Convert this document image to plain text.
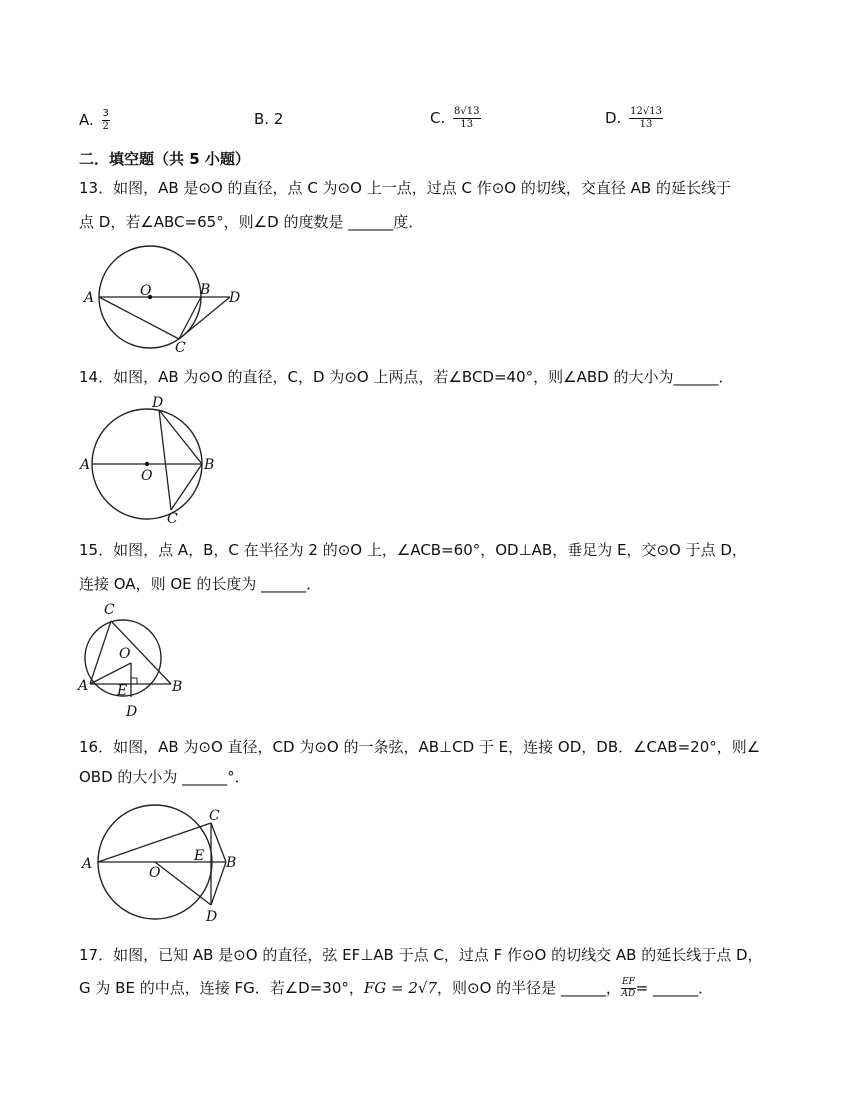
A. $\frac{3}{2}$	B. 2	C. $\frac{8√13}{13}$	D. $\frac{12√13}{13}$
二．填空题（共 5 小题）
13．如图，AB 是⊙O 的直径，点 C 为⊙O 上一点，过点 C 作⊙O 的切线，交直径 AB 的延长线于
点 D，若∠ABC=65°，则∠D 的度数是 ______度．
A	O	B D
C
14．如图，AB 为⊙O 的直径，C，D 为⊙O 上两点，若∠BCD=40°，则∠ABD 的大小为______．
A
O
B
D
C
15．如图，点 A，B，C 在半径为 2 的⊙O 上，∠ACB=60°，OD⊥AB，垂足为 E，交⊙O 于点 D，
连接 OA，则 OE 的长度为 ______．
A
O
B
C
E
D
16．如图，AB 为⊙O 直径，CD 为⊙O 的一条弦，AB⊥CD 于 E，连接 OD，DB．∠CAB=20°，则∠
OBD 的大小为 ______°．
A
O
B
C
E
D
17．如图，已知 AB 是⊙O 的直径，弦 EF⊥AB 于点 C，过点 F 作⊙O 的切线交 AB 的延长线于点 D，
G 为 BE 的中点，连接 FG．若∠D=30°，FG = 2√7，则⊙O 的半径是 ______， $\frac{EF}{AD}$ = ______．
